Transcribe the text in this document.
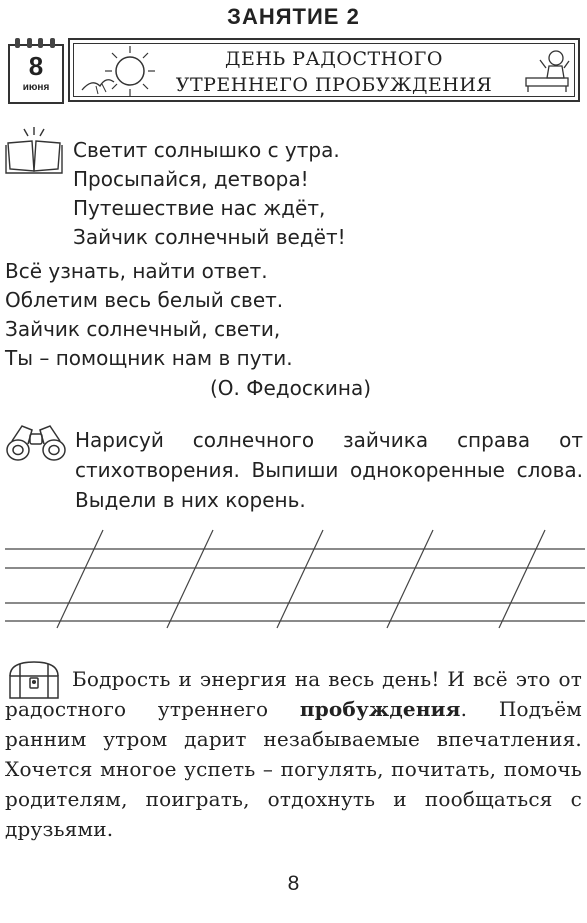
ЗАНЯТИЕ 2
8
июня
ДЕНЬ РАДОСТНОГО
УТРЕННЕГО ПРОБУЖДЕНИЯ
Светит солнышко с утра.
Просыпайся, детвора!
Путешествие нас ждёт,
Зайчик солнечный ведёт!
Всё узнать, найти ответ.
Облетим весь белый свет.
Зайчик солнечный, свети,
Ты – помощник нам в пути.
(О. Федоскина)
Нарисуй солнечного зайчика справа от стихотворения. Выпиши однокоренные слова. Выдели в них корень.
Бодрость и энергия на весь день! И всё это от радостного утреннего пробуждения. Подъём ранним утром дарит незабываемые впечатления. Хочется многое успеть – погулять, почитать, помочь родителям, поиграть, отдохнуть и пообщаться с друзьями.
8
